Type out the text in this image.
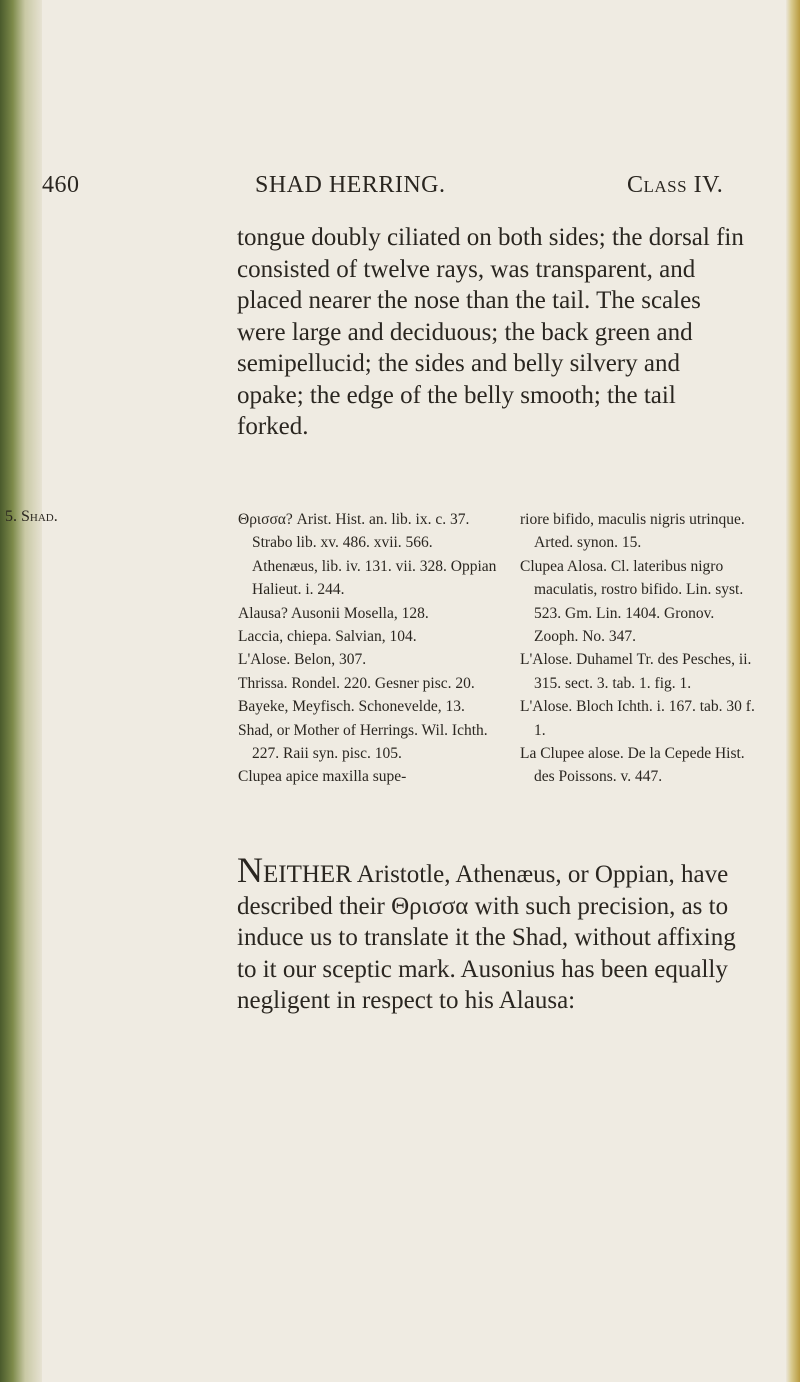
460	SHAD HERRING.	Class IV.
tongue doubly ciliated on both sides; the dorsal fin consisted of twelve rays, was transparent, and placed nearer the nose than the tail. The scales were large and deciduous; the back green and semipellucid; the sides and belly silvery and opake; the edge of the belly smooth; the tail forked.
5. Shad.	Θρισσα? Arist. Hist. an. lib. ix. c. 37. Strabo lib. xv. 486. xvii. 566. Athenæus, lib. iv. 131. vii. 328. Oppian Halieut. i. 244.
Alausa? Ausonii Mosella, 128.
Laccia, chiepa. Salvian, 104.
L'Alose. Belon, 307.
Thrissa. Rondel. 220. Gesner pisc. 20.
Bayeke, Meyfisch. Schonevelde, 13.
Shad, or Mother of Herrings. Wil. Ichth. 227. Raii syn. pisc. 105.
Clupea apice maxilla supe-
riore bifido, maculis nigris utrinque. Arted. synon. 15.
Clupea Alosa. Cl. lateribus nigro maculatis, rostro bifido. Lin. syst. 523. Gm. Lin. 1404. Gronov. Zooph. No. 347.
L'Alose. Duhamel Tr. des Pesches, ii. 315. sect. 3. tab. 1. fig. 1.
L'Alose. Bloch Ichth. i. 167. tab. 30 f. 1.
La Clupee alose. De la Cepede Hist. des Poissons. v. 447.
NEITHER Aristotle, Athenæus, or Oppian, have described their Θρισσα with such precision, as to induce us to translate it the Shad, without affixing to it our sceptic mark. Ausonius has been equally negligent in respect to his Alausa:
